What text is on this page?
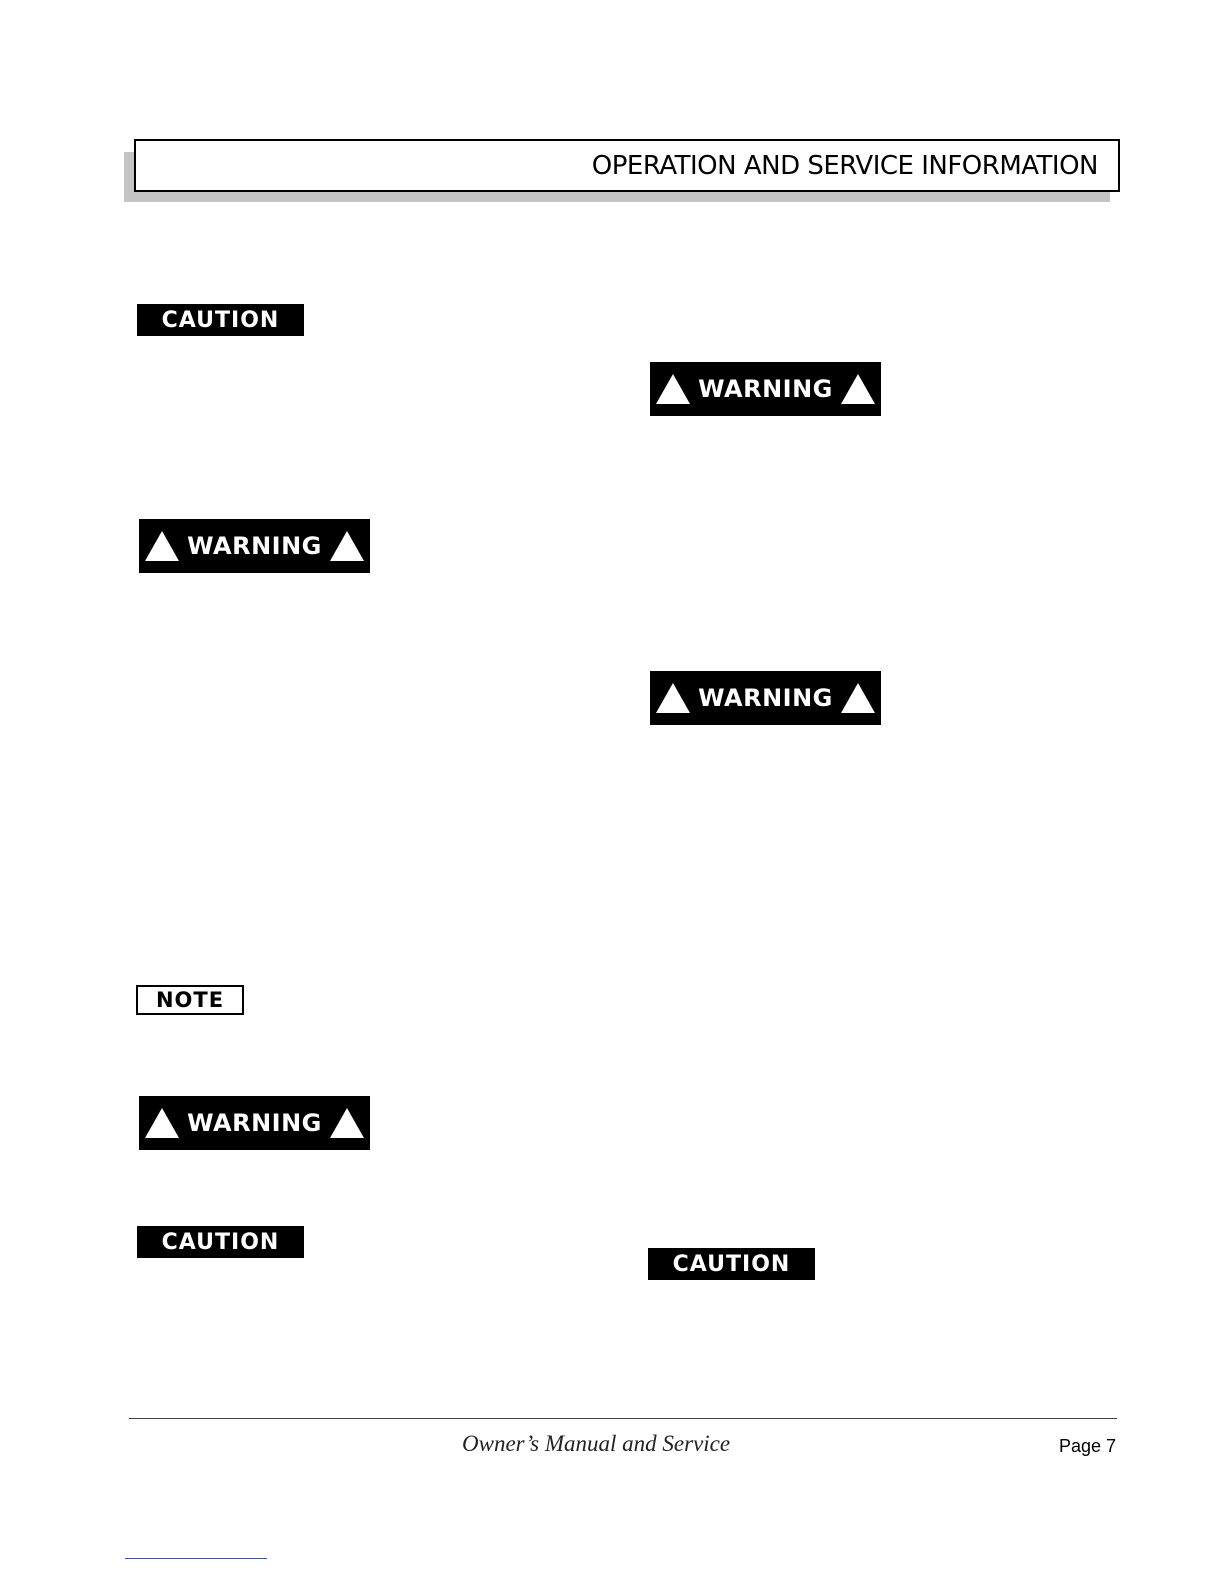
OPERATION AND SERVICE INFORMATION
CAUTION
WARNING
NOTE
WARNING
CAUTION
WARNING
WARNING
CAUTION
Owner’s Manual and Service	Page 7
